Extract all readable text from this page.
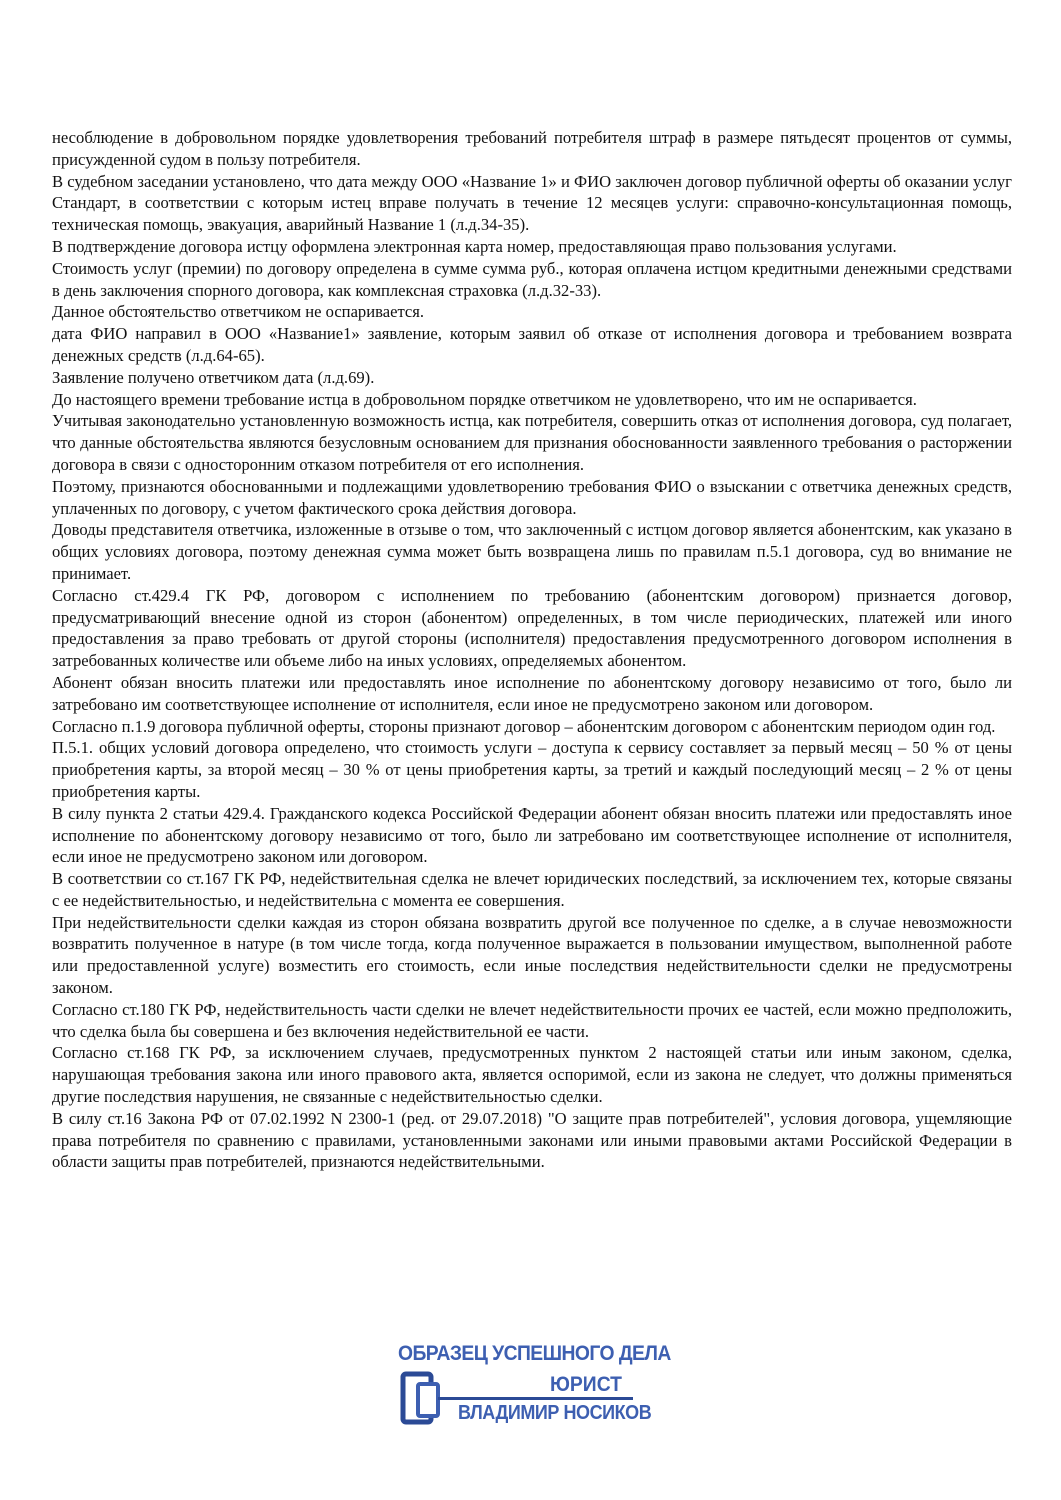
несоблюдение в добровольном порядке удовлетворения требований потребителя штраф в размере пятьдесят процентов от суммы, присужденной судом в пользу потребителя.

В судебном заседании установлено, что дата между ООО «Название 1» и ФИО заключен договор публичной оферты об оказании услуг Стандарт, в соответствии с которым истец вправе получать в течение 12 месяцев услуги: справочно-консультационная помощь, техническая помощь, эвакуация, аварийный Название 1 (л.д.34-35).

В подтверждение договора истцу оформлена электронная карта номер, предоставляющая право пользования услугами.

Стоимость услуг (премии) по договору определена в сумме сумма руб., которая оплачена истцом кредитными денежными средствами в день заключения спорного договора, как комплексная страховка (л.д.32-33).

Данное обстоятельство ответчиком не оспаривается.

дата ФИО направил в ООО «Название1» заявление, которым заявил об отказе от исполнения договора и требованием возврата денежных средств (л.д.64-65).

Заявление получено ответчиком дата (л.д.69).

До настоящего времени требование истца в добровольном порядке ответчиком не удовлетворено, что им не оспаривается.

Учитывая законодательно установленную возможность истца, как потребителя, совершить отказ от исполнения договора, суд полагает, что данные обстоятельства являются безусловным основанием для признания обоснованности заявленного требования о расторжении договора в связи с односторонним отказом потребителя от его исполнения.

Поэтому, признаются обоснованными и подлежащими удовлетворению требования ФИО о взыскании с ответчика денежных средств, уплаченных по договору, с учетом фактического срока действия договора.

Доводы представителя ответчика, изложенные в отзыве о том, что заключенный с истцом договор является абонентским, как указано в общих условиях договора, поэтому денежная сумма может быть возвращена лишь по правилам п.5.1 договора, суд во внимание не принимает.

Согласно ст.429.4 ГК РФ, договором с исполнением по требованию (абонентским договором) признается договор, предусматривающий внесение одной из сторон (абонентом) определенных, в том числе периодических, платежей или иного предоставления за право требовать от другой стороны (исполнителя) предоставления предусмотренного договором исполнения в затребованных количестве или объеме либо на иных условиях, определяемых абонентом.

Абонент обязан вносить платежи или предоставлять иное исполнение по абонентскому договору независимо от того, было ли затребовано им соответствующее исполнение от исполнителя, если иное не предусмотрено законом или договором.

Согласно п.1.9 договора публичной оферты, стороны признают договор – абонентским договором с абонентским периодом один год.

П.5.1. общих условий договора определено, что стоимость услуги – доступа к сервису составляет за первый месяц – 50 % от цены приобретения карты, за второй месяц – 30 % от цены приобретения карты, за третий и каждый последующий месяц – 2 % от цены приобретения карты.

В силу пункта 2 статьи 429.4. Гражданского кодекса Российской Федерации абонент обязан вносить платежи или предоставлять иное исполнение по абонентскому договору независимо от того, было ли затребовано им соответствующее исполнение от исполнителя, если иное не предусмотрено законом или договором.

В соответствии со ст.167 ГК РФ, недействительная сделка не влечет юридических последствий, за исключением тех, которые связаны с ее недействительностью, и недействительна с момента ее совершения.

При недействительности сделки каждая из сторон обязана возвратить другой все полученное по сделке, а в случае невозможности возвратить полученное в натуре (в том числе тогда, когда полученное выражается в пользовании имуществом, выполненной работе или предоставленной услуге) возместить его стоимость, если иные последствия недействительности сделки не предусмотрены законом.

Согласно ст.180 ГК РФ, недействительность части сделки не влечет недействительности прочих ее частей, если можно предположить, что сделка была бы совершена и без включения недействительной ее части.

Согласно ст.168 ГК РФ, за исключением случаев, предусмотренных пунктом 2 настоящей статьи или иным законом, сделка, нарушающая требования закона или иного правового акта, является оспоримой, если из закона не следует, что должны применяться другие последствия нарушения, не связанные с недействительностью сделки.

В силу ст.16 Закона РФ от 07.02.1992 N 2300-1 (ред. от 29.07.2018) "О защите прав потребителей", условия договора, ущемляющие права потребителя по сравнению с правилами, установленными законами или иными правовыми актами Российской Федерации в области защиты прав потребителей, признаются недействительными.

ОБРАЗЕЦ УСПЕШНОГО ДЕЛА
ЮРИСТ
ВЛАДИМИР НОСИКОВ
